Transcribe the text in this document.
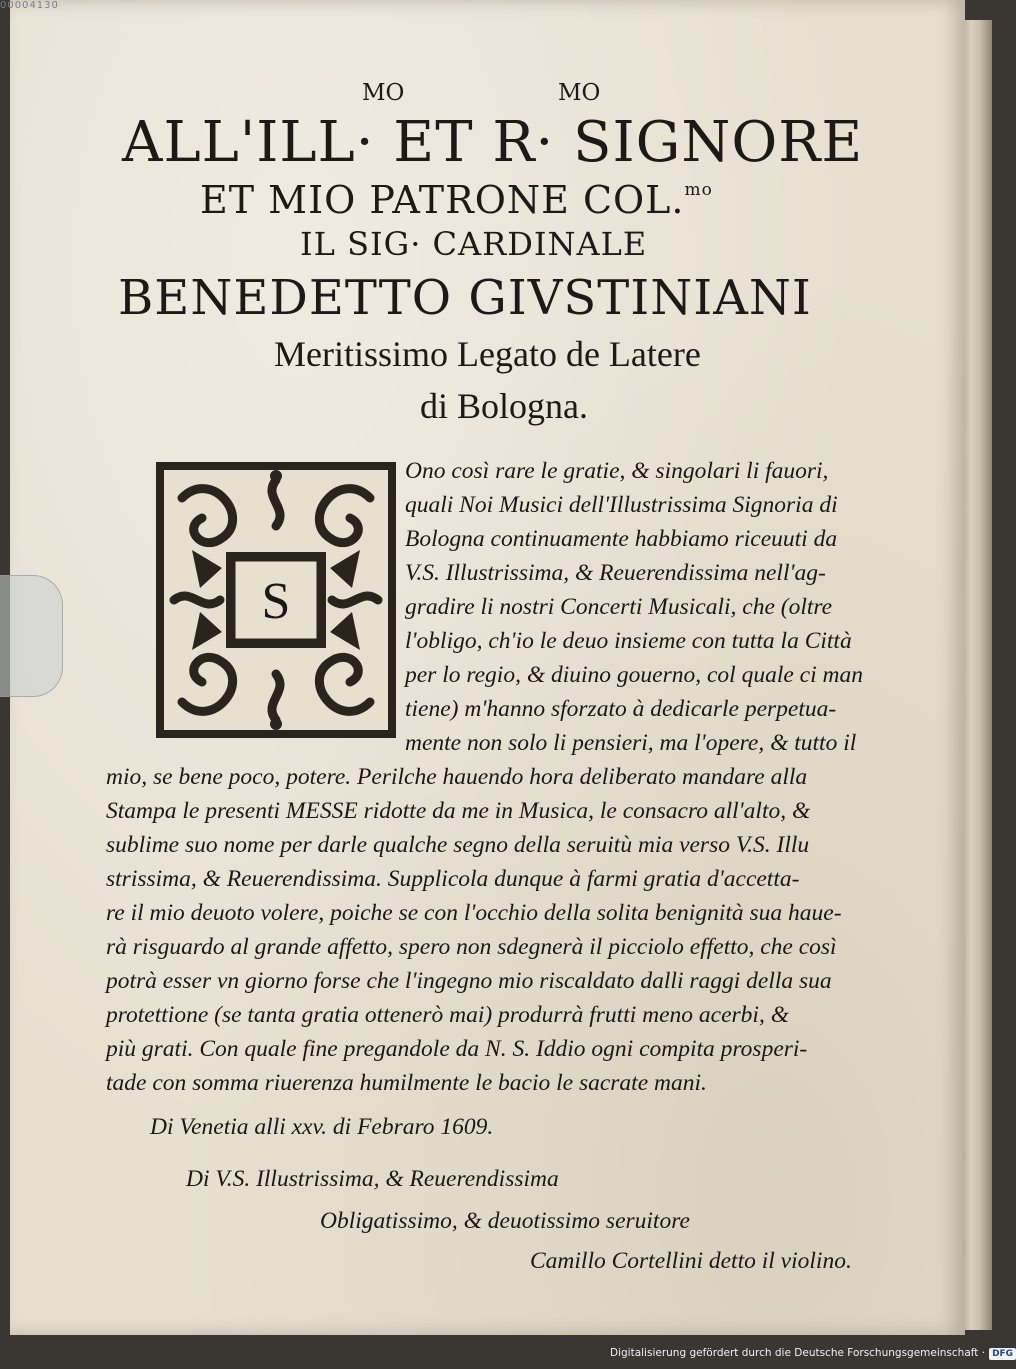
MO	MO
ALL'ILL· ET R· SIGNORE
ET MIO PATRONE COL.$^{mo}$
IL SIG· CARDINALE
BENEDETTO GIVSTINIANI
Meritissimo Legato de Latere
di Bologna.
S
Ono così rare le gratie, & singolari li fauori,
quali Noi Musici dell'Illustrissima Signoria di
Bologna continuamente habbiamo riceuuti da
V.S. Illustrissima, & Reuerendissima nell'ag-
gradire li nostri Concerti Musicali, che (oltre
l'obligo, ch'io le deuo insieme con tutta la Città
per lo regio, & diuino gouerno, col quale ci man
tiene) m'hanno sforzato à dedicarle perpetua-
mente non solo li pensieri, ma l'opere, & tutto il
mio, se bene poco, potere. Perilche hauendo hora deliberato mandare alla
Stampa le presenti MESSE ridotte da me in Musica, le consacro all'alto, &
sublime suo nome per darle qualche segno della seruitù mia verso V.S. Illu
strissima, & Reuerendissima. Supplicola dunque à farmi gratia d'accetta-
re il mio deuoto volere, poiche se con l'occhio della solita benignità sua haue-
rà risguardo al grande affetto, spero non sdegnerà il picciolo effetto, che così
potrà esser vn giorno forse che l'ingegno mio riscaldato dalli raggi della sua
protettione (se tanta gratia ottenerò mai) produrrà frutti meno acerbi, &
più grati. Con quale fine pregandole da N. S. Iddio ogni compita prosperi-
tade con somma riuerenza humilmente le bacio le sacrate mani.
Di Venetia alli xxv. di Febraro 1609.
Di V.S. Illustrissima, & Reuerendissima
Obligatissimo, & deuotissimo seruitore
Camillo Cortellini detto il violino.
00004130
Digitalisierung gefördert durch die Deutsche Forschungsgemeinschaft · DFG
